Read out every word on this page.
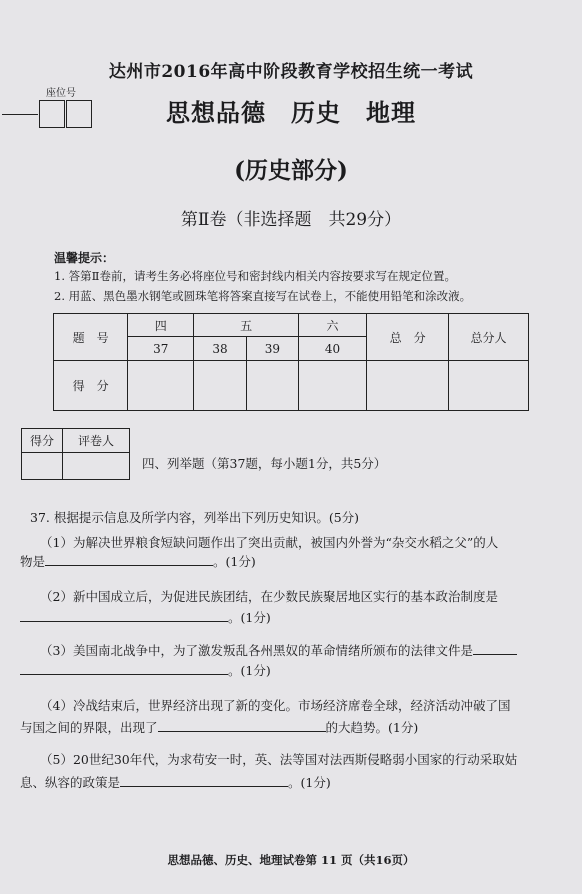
达州市2016年高中阶段教育学校招生统一考试
座位号
思想品德　历史　地理
(历史部分)
第Ⅱ卷（非选择题　共29分）
温馨提示：
1. 答第Ⅱ卷前，请考生务必将座位号和密封线内相关内容按要求写在规定位置。
2. 用蓝、黑色墨水钢笔或圆珠笔将答案直接写在试卷上，不能使用铅笔和涂改液。
题　号	四	五		六	总　分	总分人
	37	38	39	40		
得　分						
得分	评卷人

四、列举题（第37题，每小题1分，共5分）
37. 根据提示信息及所学内容，列举出下列历史知识。(5分)
（1）为解决世界粮食短缺问题作出了突出贡献，被国内外誉为“杂交水稻之父”的人
物是	。(1分)
（2）新中国成立后，为促进民族团结，在少数民族聚居地区实行的基本政治制度是
。(1分)
（3）美国南北战争中，为了激发叛乱各州黑奴的革命情绪所颁布的法律文件是
。(1分)
（4）冷战结束后，世界经济出现了新的变化。市场经济席卷全球，经济活动冲破了国
与国之间的界限，出现了	的大趋势。(1分)
（5）20世纪30年代，为求苟安一时，英、法等国对法西斯侵略弱小国家的行动采取姑
息、纵容的政策是	。(1分)
思想品德、历史、地理试卷第 11 页（共16页）
